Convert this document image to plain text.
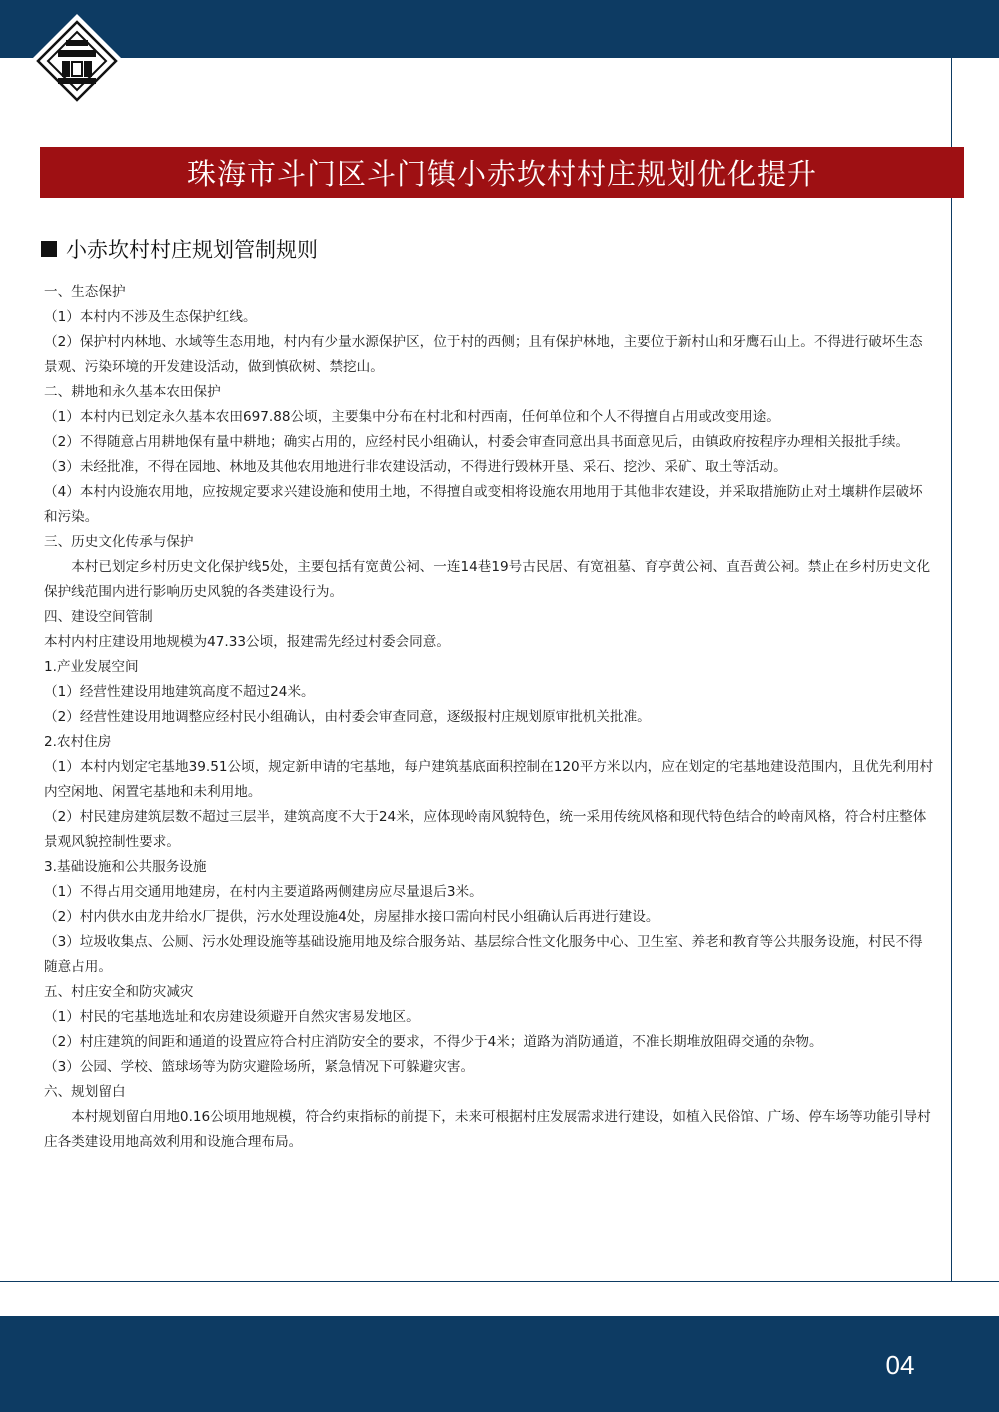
珠海市斗门区斗门镇小赤坎村村庄规划优化提升
小赤坎村村庄规划管制规则

一、生态保护

（1）本村内不涉及生态保护红线。

（2）保护村内林地、水域等生态用地，村内有少量水源保护区，位于村的西侧；且有保护林地，主要位于新村山和牙鹰石山上。不得进行破坏生态景观、污染环境的开发建设活动，做到慎砍树、禁挖山。

二、耕地和永久基本农田保护

（1）本村内已划定永久基本农田697.88公顷，主要集中分布在村北和村西南，任何单位和个人不得擅自占用或改变用途。

（2）不得随意占用耕地保有量中耕地；确实占用的，应经村民小组确认，村委会审查同意出具书面意见后，由镇政府按程序办理相关报批手续。

（3）未经批准，不得在园地、林地及其他农用地进行非农建设活动，不得进行毁林开垦、采石、挖沙、采矿、取土等活动。

（4）本村内设施农用地，应按规定要求兴建设施和使用土地，不得擅自或变相将设施农用地用于其他非农建设，并采取措施防止对土壤耕作层破坏和污染。

三、历史文化传承与保护

本村已划定乡村历史文化保护线5处，主要包括有宽黄公祠、一连14巷19号古民居、有宽祖墓、育亭黄公祠、直吾黄公祠。禁止在乡村历史文化保护线范围内进行影响历史风貌的各类建设行为。

四、建设空间管制

本村内村庄建设用地规模为47.33公顷，报建需先经过村委会同意。

1.产业发展空间

（1）经营性建设用地建筑高度不超过24米。

（2）经营性建设用地调整应经村民小组确认，由村委会审查同意，逐级报村庄规划原审批机关批准。

2.农村住房

（1）本村内划定宅基地39.51公顷，规定新申请的宅基地，每户建筑基底面积控制在120平方米以内，应在划定的宅基地建设范围内，且优先利用村内空闲地、闲置宅基地和未利用地。

（2）村民建房建筑层数不超过三层半，建筑高度不大于24米，应体现岭南风貌特色，统一采用传统风格和现代特色结合的岭南风格，符合村庄整体景观风貌控制性要求。

3.基础设施和公共服务设施

（1）不得占用交通用地建房，在村内主要道路两侧建房应尽量退后3米。

（2）村内供水由龙井给水厂提供，污水处理设施4处，房屋排水接口需向村民小组确认后再进行建设。

（3）垃圾收集点、公厕、污水处理设施等基础设施用地及综合服务站、基层综合性文化服务中心、卫生室、养老和教育等公共服务设施，村民不得随意占用。

五、村庄安全和防灾减灾

（1）村民的宅基地选址和农房建设须避开自然灾害易发地区。

（2）村庄建筑的间距和通道的设置应符合村庄消防安全的要求，不得少于4米；道路为消防通道，不准长期堆放阻碍交通的杂物。

（3）公园、学校、篮球场等为防灾避险场所，紧急情况下可躲避灾害。

六、规划留白

本村规划留白用地0.16公顷用地规模，符合约束指标的前提下，未来可根据村庄发展需求进行建设，如植入民俗馆、广场、停车场等功能引导村庄各类建设用地高效利用和设施合理布局。

04
